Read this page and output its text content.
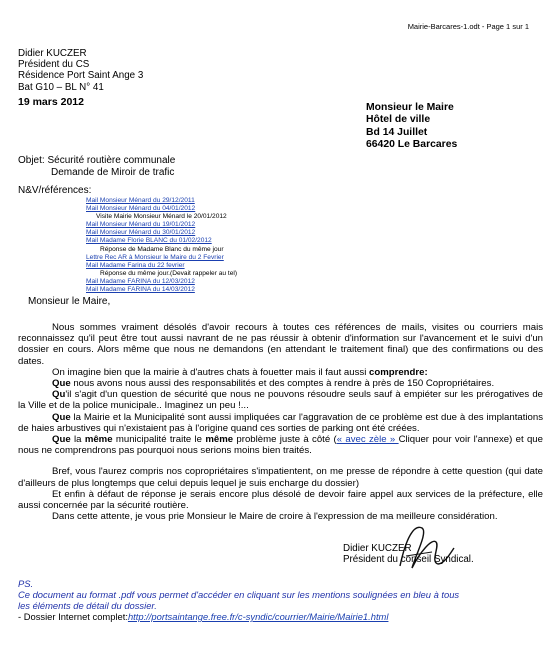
Mairie-Barcares-1.odt - Page 1 sur 1
Didier KUCZER
Président du CS
Résidence Port Saint Ange 3
Bat G10 – BL N° 41
19 mars 2012	Monsieur le Maire
Hôtel de ville
Bd 14 Juillet
66420 Le Barcares
Objet: Sécurité routière communale
Demande de Miroir de trafic
N&V/références:
Mail Monsieur Ménard du 29/12/2011
Mail Monsieur Ménard du 04/01/2012
Visite Mairie Monsieur Ménard le 20/01/2012
Mail Monsieur Ménard du 19/01/2012
Mail Monsieur Ménard du 30/01/2012
Mail Madame Florie BLANC du 01/02/2012
Réponse de Madame Blanc du même jour
Lettre Rec AR à Monsieur le Maire du 2 Fevrier
Mail Madame Farina du 22 fevrier
Réponse du même jour.(Devait rappeler au tel)
Mail Madame FARINA du 12/03/2012
Mail Madame FARINA du 14/03/2012
Monsieur le Maire,
Nous sommes vraiment désolés d'avoir recours à toutes ces références de mails, visites ou courriers mais reconnaissez qu'il peut être tout aussi navrant de ne pas réussir à obtenir d'information sur l'avancement et le suivi d'un dossier en cours. Alors même que nous ne demandons (en attendant le traitement final) que des confirmations ou des dates.
On imagine bien que la mairie à d'autres chats à fouetter mais il faut aussi comprendre:
Que nous avons nous aussi des responsabilités et des comptes à rendre à près de 150 Copropriétaires.
Qu'il s'agit d'un question de sécurité que nous ne pouvons résoudre seuls sauf à empiéter sur les prérogatives de la Ville et de la police municipale.. Imaginez un peu !...
Que la Mairie et la Municipalité sont aussi impliquées car l'aggravation de ce problème est due à des implantations de haies arbustives qui n'existaient pas à l'origine quand ces sorties de parking ont été créées.
Que la même municipalité traite le même problème juste à côté (« avec zèle » Cliquer pour voir l'annexe) et que nous ne comprendrons pas pourquoi nous serions moins bien traités.
Bref, vous l'aurez compris nos copropriétaires s'impatientent, on me presse de répondre à cette question (qui date d'ailleurs de plus longtemps que celui depuis lequel je suis encharge du dossier)
Et enfin à défaut de réponse je serais encore plus désolé de devoir faire appel aux services de la préfecture, elle aussi concernée par la sécurité routière.
Dans cette attente, je vous prie Monsieur le Maire de croire à l'expression de ma meilleure considération.
Didier KUCZER
Président du conseil Syndical.
PS.
Ce document au format .pdf vous permet d'accéder en cliquant sur les mentions soulignées en bleu à tous
les éléments de détail du dossier.
- Dossier Internet complet:http://portsaintange.free.fr/c-syndic/courrier/Mairie/Mairie1.html
